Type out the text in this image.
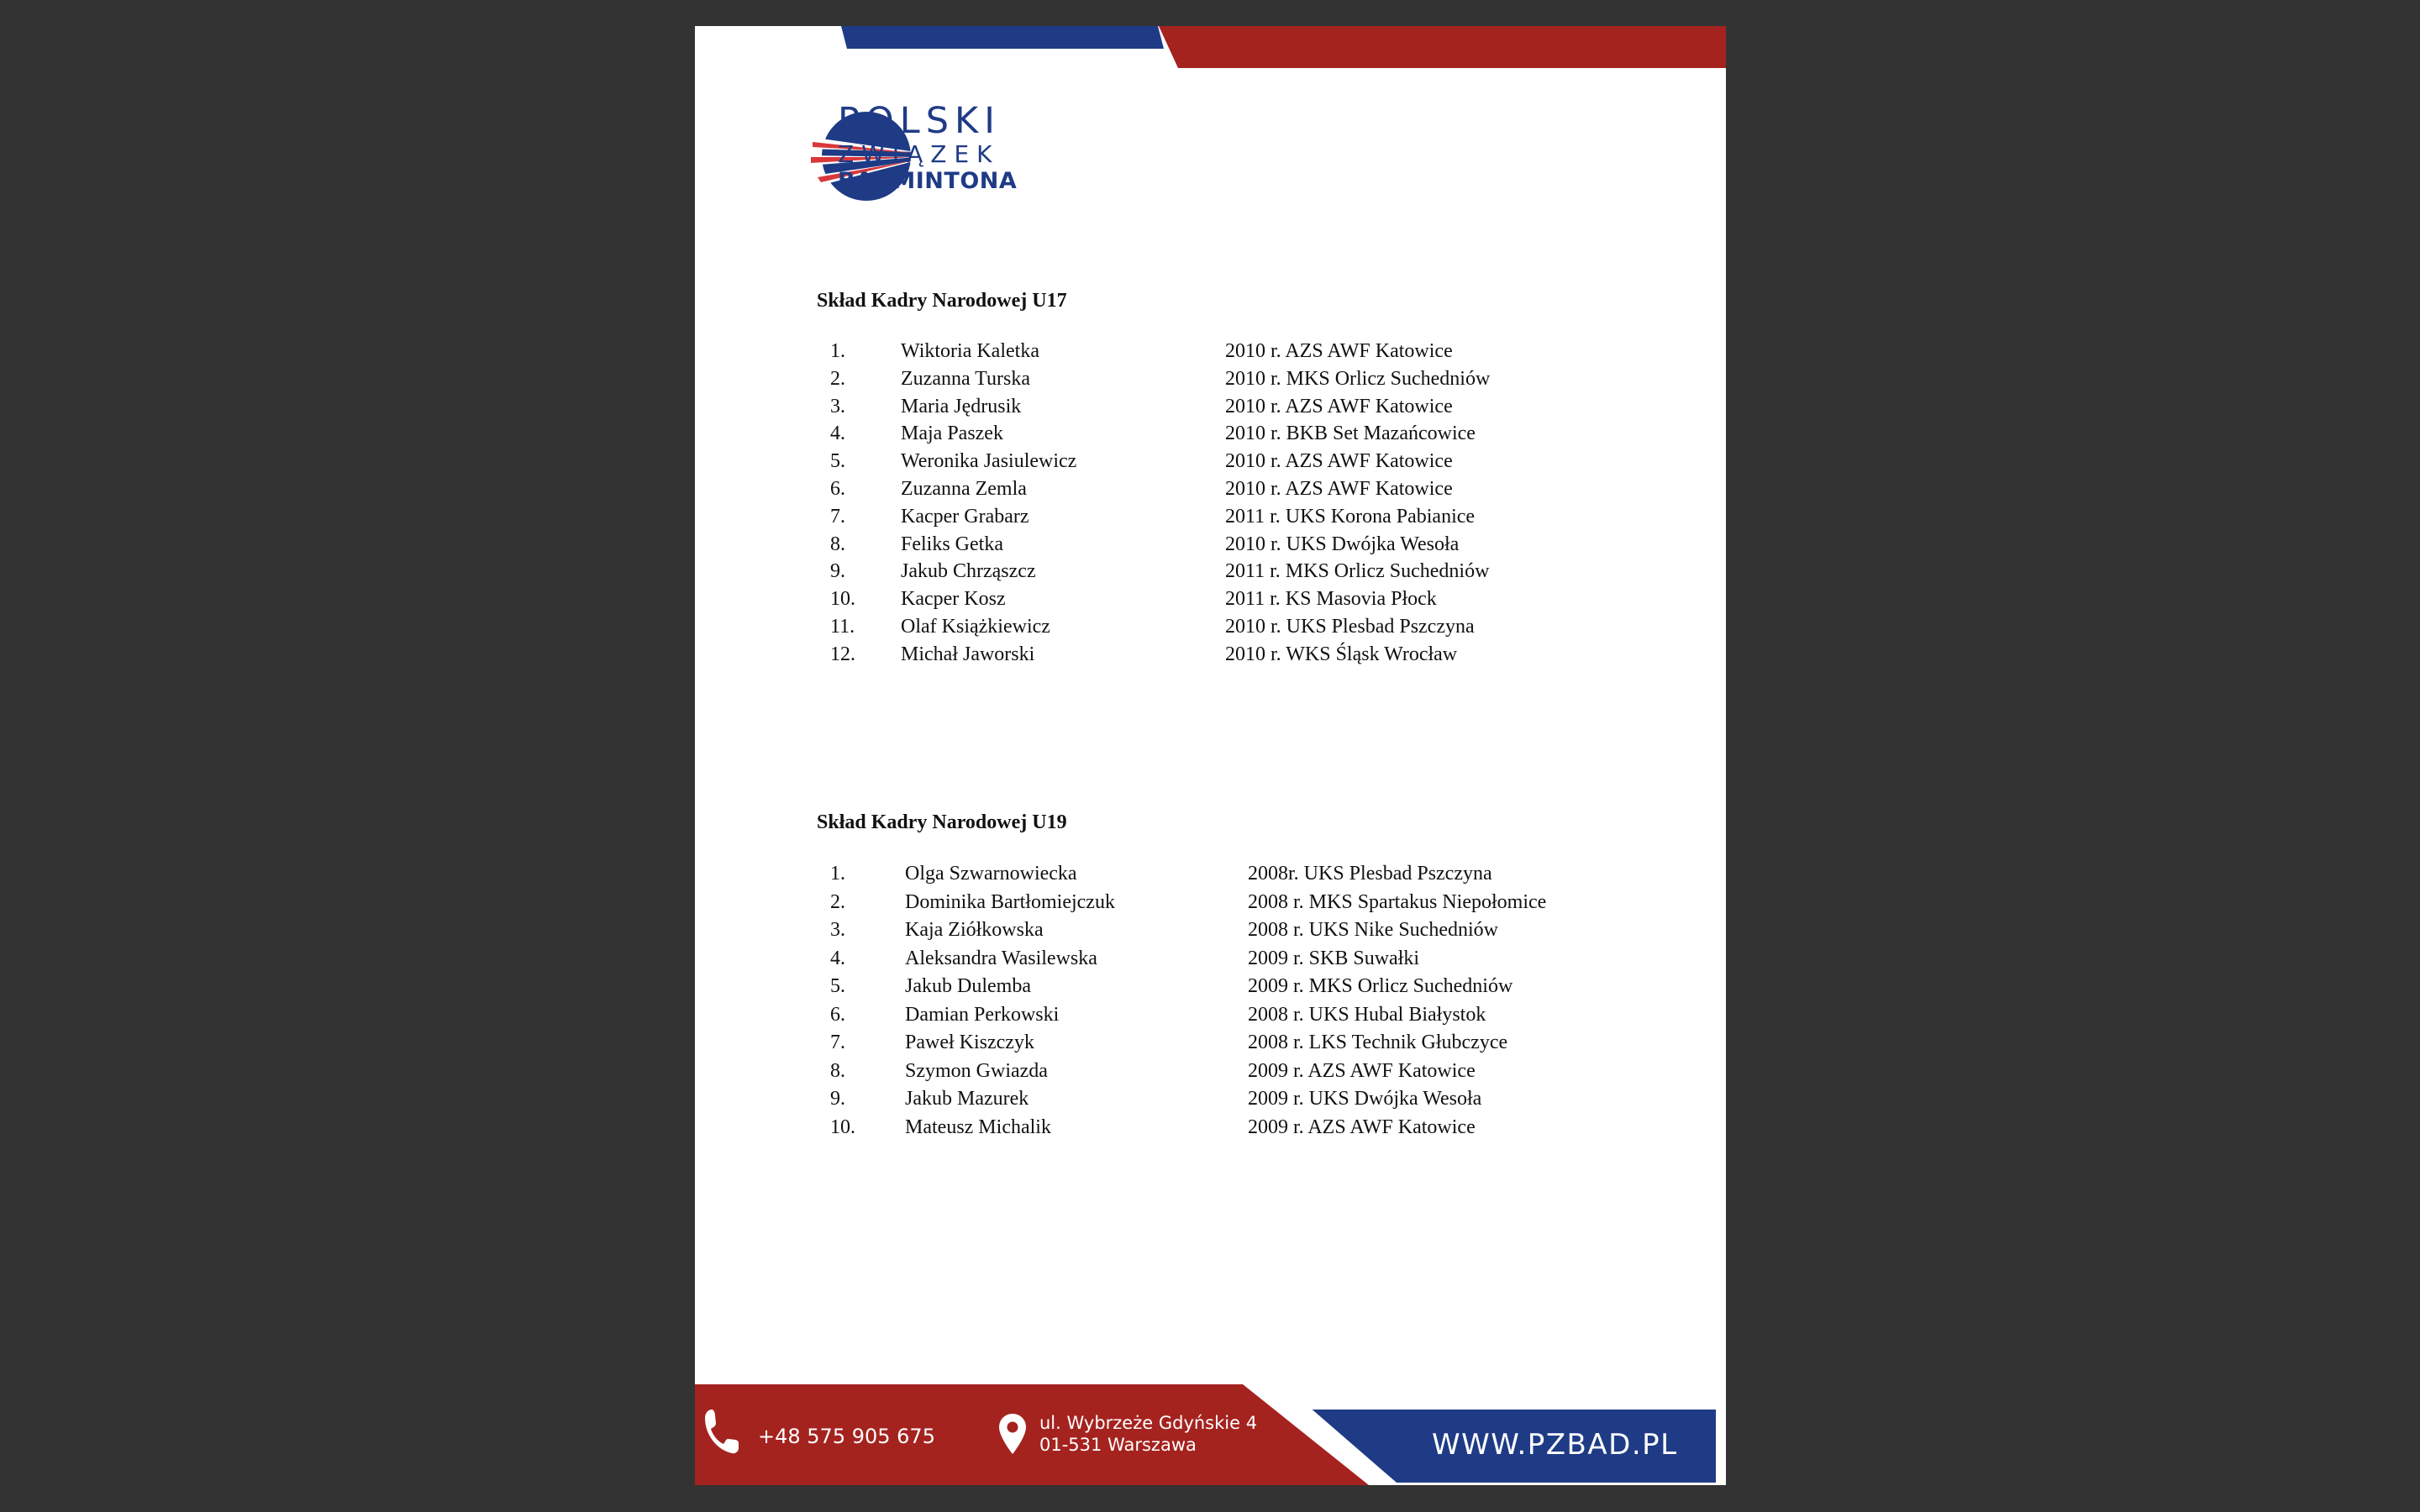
POLSKI
ZWIĄZEK
BADMINTONA
Skład Kadry Narodowej U17
1.	Wiktoria Kaletka	2010 r. AZS AWF Katowice
2.	Zuzanna Turska	2010 r. MKS Orlicz Suchedniów
3.	Maria Jędrusik	2010 r. AZS AWF Katowice
4.	Maja Paszek	2010 r. BKB Set Mazańcowice
5.	Weronika Jasiulewicz	2010 r. AZS AWF Katowice
6.	Zuzanna Zemla	2010 r. AZS AWF Katowice
7.	Kacper Grabarz	2011 r. UKS Korona Pabianice
8.	Feliks Getka	2010 r. UKS Dwójka Wesoła
9.	Jakub Chrząszcz	2011 r. MKS Orlicz Suchedniów
10. Kacper Kosz	2011 r. KS Masovia Płock
11. Olaf Książkiewicz	2010 r. UKS Plesbad Pszczyna
12. Michał Jaworski	2010 r. WKS Śląsk Wrocław
Skład Kadry Narodowej U19
1.	Olga Szwarnowiecka	2008r. UKS Plesbad Pszczyna
2.	Dominika Bartłomiejczuk	2008 r. MKS Spartakus Niepołomice
3.	Kaja Ziółkowska	2008 r. UKS Nike Suchedniów
4.	Aleksandra Wasilewska	2009 r. SKB Suwałki
5.	Jakub Dulemba	2009 r. MKS Orlicz Suchedniów
6.	Damian Perkowski	2008 r. UKS Hubal Białystok
7.	Paweł Kiszczyk	2008 r. LKS Technik Głubczyce
8.	Szymon Gwiazda	2009 r. AZS AWF Katowice
9.	Jakub Mazurek	2009 r. UKS Dwójka Wesoła
10. Mateusz Michalik	2009 r. AZS AWF Katowice
+48 575 905 675
ul. Wybrzeże Gdyńskie 4
01-531 Warszawa	WWW.PZBAD.PL
